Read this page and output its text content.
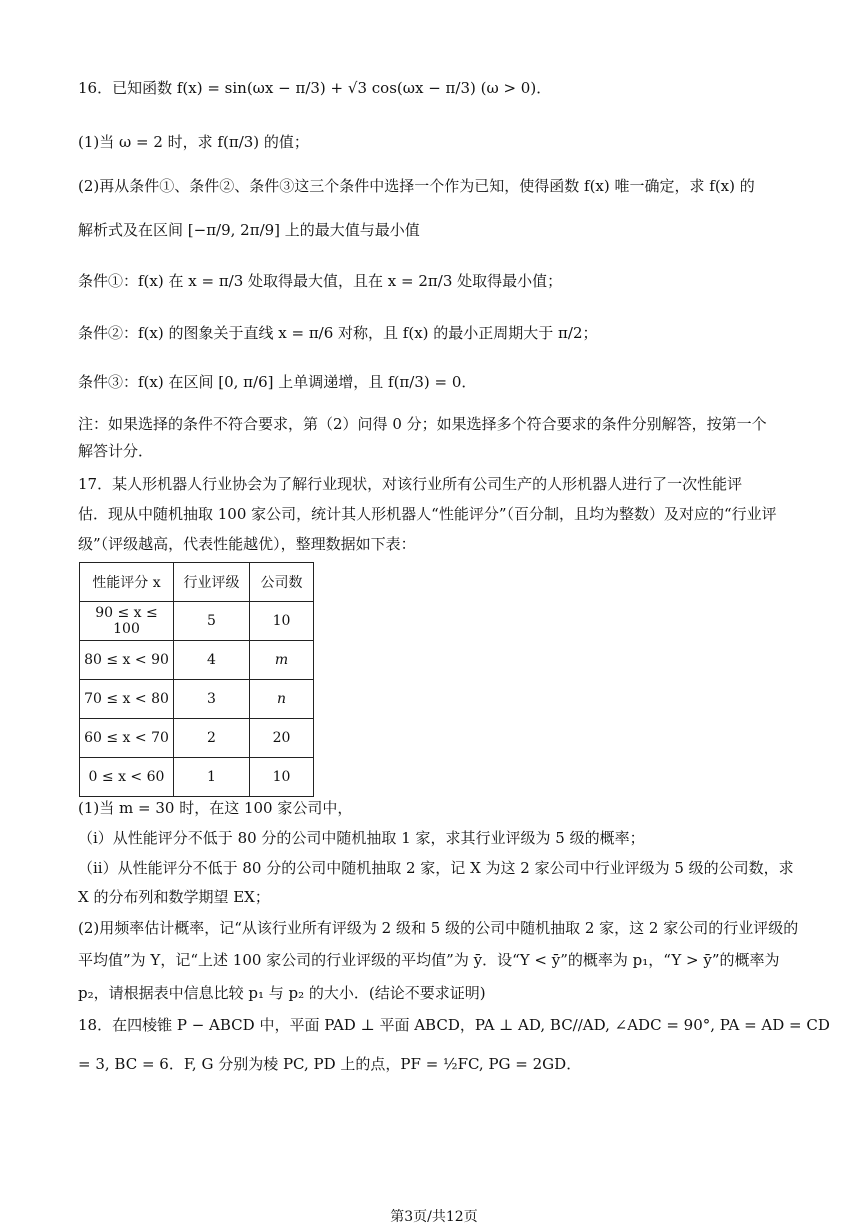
16．已知函数 f(x) = sin(ωx − π/3) + √3 cos(ωx − π/3) (ω > 0)．
(1)当 ω = 2 时，求 f(π/3) 的值；
(2)再从条件①、条件②、条件③这三个条件中选择一个作为已知，使得函数 f(x) 唯一确定，求 f(x) 的
解析式及在区间 [−π/9, 2π/9] 上的最大值与最小值
条件①：f(x) 在 x = π/3 处取得最大值，且在 x = 2π/3 处取得最小值；
条件②：f(x) 的图象关于直线 x = π/6 对称，且 f(x) 的最小正周期大于 π/2；
条件③：f(x) 在区间 [0, π/6] 上单调递增，且 f(π/3) = 0．
注：如果选择的条件不符合要求，第（2）问得 0 分；如果选择多个符合要求的条件分别解答，按第一个
解答计分．
17．某人形机器人行业协会为了解行业现状，对该行业所有公司生产的人形机器人进行了一次性能评
估．现从中随机抽取 100 家公司，统计其人形机器人“性能评分”（百分制，且均为整数）及对应的“行业评
级”（评级越高，代表性能越优），整理数据如下表：
性能评分 x	行业评级	公司数
90 ≤ x ≤ 100	5	10
80 ≤ x < 90	4	m
70 ≤ x < 80	3	n
60 ≤ x < 70	2	20
0 ≤ x < 60	1	10
(1)当 m = 30 时，在这 100 家公司中，
（i）从性能评分不低于 80 分的公司中随机抽取 1 家，求其行业评级为 5 级的概率；
（ii）从性能评分不低于 80 分的公司中随机抽取 2 家，记 X 为这 2 家公司中行业评级为 5 级的公司数，求
X 的分布列和数学期望 EX；
(2)用频率估计概率，记“从该行业所有评级为 2 级和 5 级的公司中随机抽取 2 家，这 2 家公司的行业评级的
平均值”为 Y，记“上述 100 家公司的行业评级的平均值”为 ȳ．设“Y < ȳ”的概率为 p₁，“Y > ȳ”的概率为
p₂，请根据表中信息比较 p₁ 与 p₂ 的大小．(结论不要求证明)
18．在四棱锥 P − ABCD 中，平面 PAD ⊥ 平面 ABCD，PA ⊥ AD, BC//AD, ∠ADC = 90°, PA = AD = CD
= 3, BC = 6．F, G 分别为棱 PC, PD 上的点，PF = ½FC, PG = 2GD．
第3页/共12页
